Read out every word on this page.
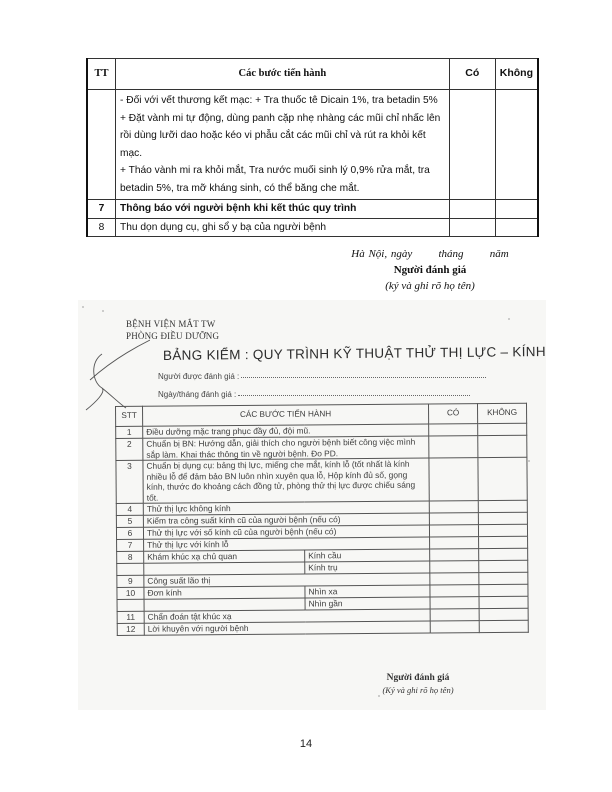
TT	Các bước tiến hành	Có	Không

	- Đối với vết thương kết mạc: + Tra thuốc tê Dicain 1%, tra betadin 5%
+ Đặt vành mi tự động, dùng panh cặp nhẹ nhàng các mũi chỉ nhấc lên rồi dùng lưỡi dao hoặc kéo vi phẫu cắt các mũi chỉ và rút ra khỏi kết mạc.
+ Tháo vành mi ra khỏi mắt, Tra nước muối sinh lý 0,9% rửa mắt, tra betadin 5%, tra mỡ kháng sinh, có thể băng che mắt.		

7	Thông báo với người bệnh khi kết thúc quy trình		
8	Thu dọn dụng cụ, ghi sổ y bạ của người bệnh		
Hà Nội, ngày tháng năm
Người đánh giá
(ký và ghi rõ họ tên)
BỆNH VIỆN MẮT TW
PHÒNG ĐIỀU DƯỠNG
BẢNG KIỂM : QUY TRÌNH KỸ THUẬT THỬ THỊ LỰC – KÍNH
Người được đánh giá :
Ngày/tháng đánh giá :
STT	CÁC BƯỚC TIẾN HÀNH		CÓ	KHÔNG
1	Điều dưỡng mặc trang phục đầy đủ, đội mũ.			
2	Chuẩn bị BN: Hướng dẫn, giải thích cho người bệnh biết công việc mình sắp làm. Khai thác thông tin về người bệnh. Đo PD.			
3	Chuẩn bị dụng cụ: bảng thị lực, miếng che mắt, kính lỗ (tốt nhất là kính nhiều lỗ để đảm bảo BN luôn nhìn xuyên qua lỗ, Hộp kính đủ số, gọng kính, thước đo khoảng cách đồng tử, phòng thử thị lực được chiếu sáng tốt.			
4	Thử thị lực không kính			
5	Kiểm tra công suất kính cũ của người bệnh (nếu có)			
6	Thử thị lực với số kính cũ của người bệnh (nếu có)			
7	Thử thị lực với kính lỗ			
8	Khám khúc xạ chủ quan	Kính cầu		
		Kính trụ		
9	Công suất lão thị			
10	Đơn kính	Nhìn xa		
		Nhìn gần		
11	Chẩn đoán tật khúc xạ			
12	Lời khuyên với người bệnh			
Người đánh giá
(Ký và ghi rõ họ tên)
14
